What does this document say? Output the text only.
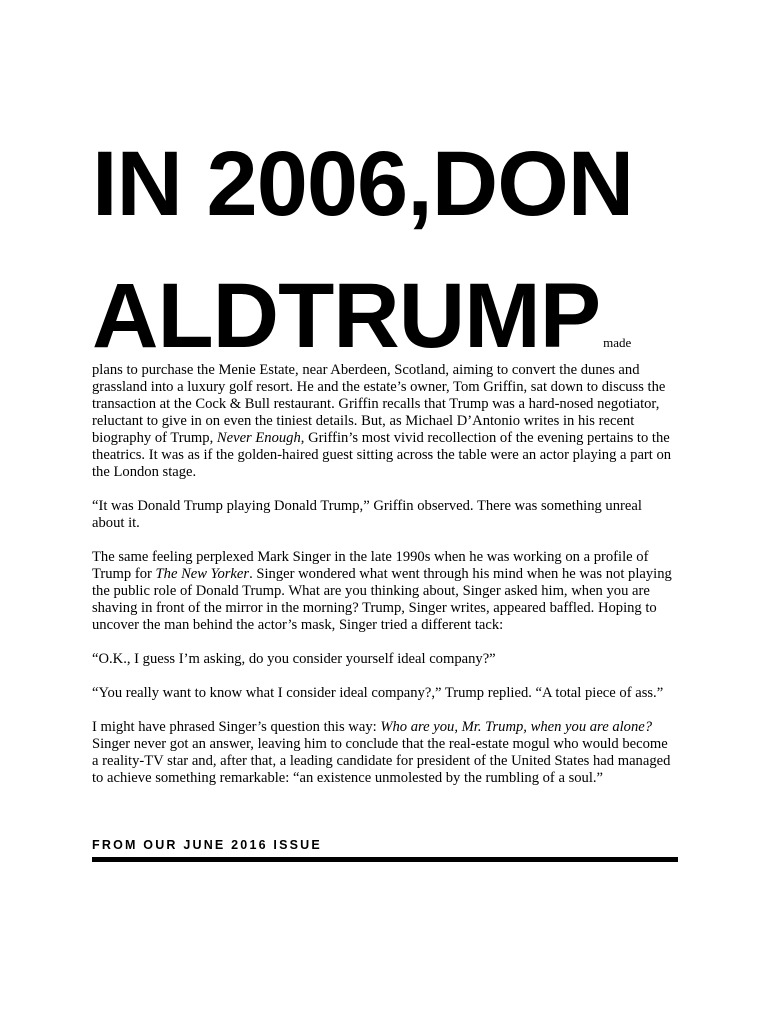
IN 2006,DON
ALDTRUMP made

plans to purchase the Menie Estate, near Aberdeen, Scotland, aiming to convert the dunes and grassland into a luxury golf resort. He and the estate’s owner, Tom Griffin, sat down to discuss the transaction at the Cock & Bull restaurant. Griffin recalls that Trump was a hard-nosed negotiator, reluctant to give in on even the tiniest details. But, as Michael D’Antonio writes in his recent biography of Trump, Never Enough, Griffin’s most vivid recollection of the evening pertains to the theatrics. It was as if the golden-haired guest sitting across the table were an actor playing a part on the London stage.

“It was Donald Trump playing Donald Trump,” Griffin observed. There was something unreal about it.

The same feeling perplexed Mark Singer in the late 1990s when he was working on a profile of Trump for The New Yorker. Singer wondered what went through his mind when he was not playing the public role of Donald Trump. What are you thinking about, Singer asked him, when you are shaving in front of the mirror in the morning? Trump, Singer writes, appeared baffled. Hoping to uncover the man behind the actor’s mask, Singer tried a different tack:

“O.K., I guess I’m asking, do you consider yourself ideal company?”

“You really want to know what I consider ideal company?,” Trump replied. “A total piece of ass.”

I might have phrased Singer’s question this way: Who are you, Mr. Trump, when you are alone? Singer never got an answer, leaving him to conclude that the real-estate mogul who would become a reality-TV star and, after that, a leading candidate for president of the United States had managed to achieve something remarkable: “an existence unmolested by the rumbling of a soul.”

FROM OUR JUNE 2016 ISSUE
